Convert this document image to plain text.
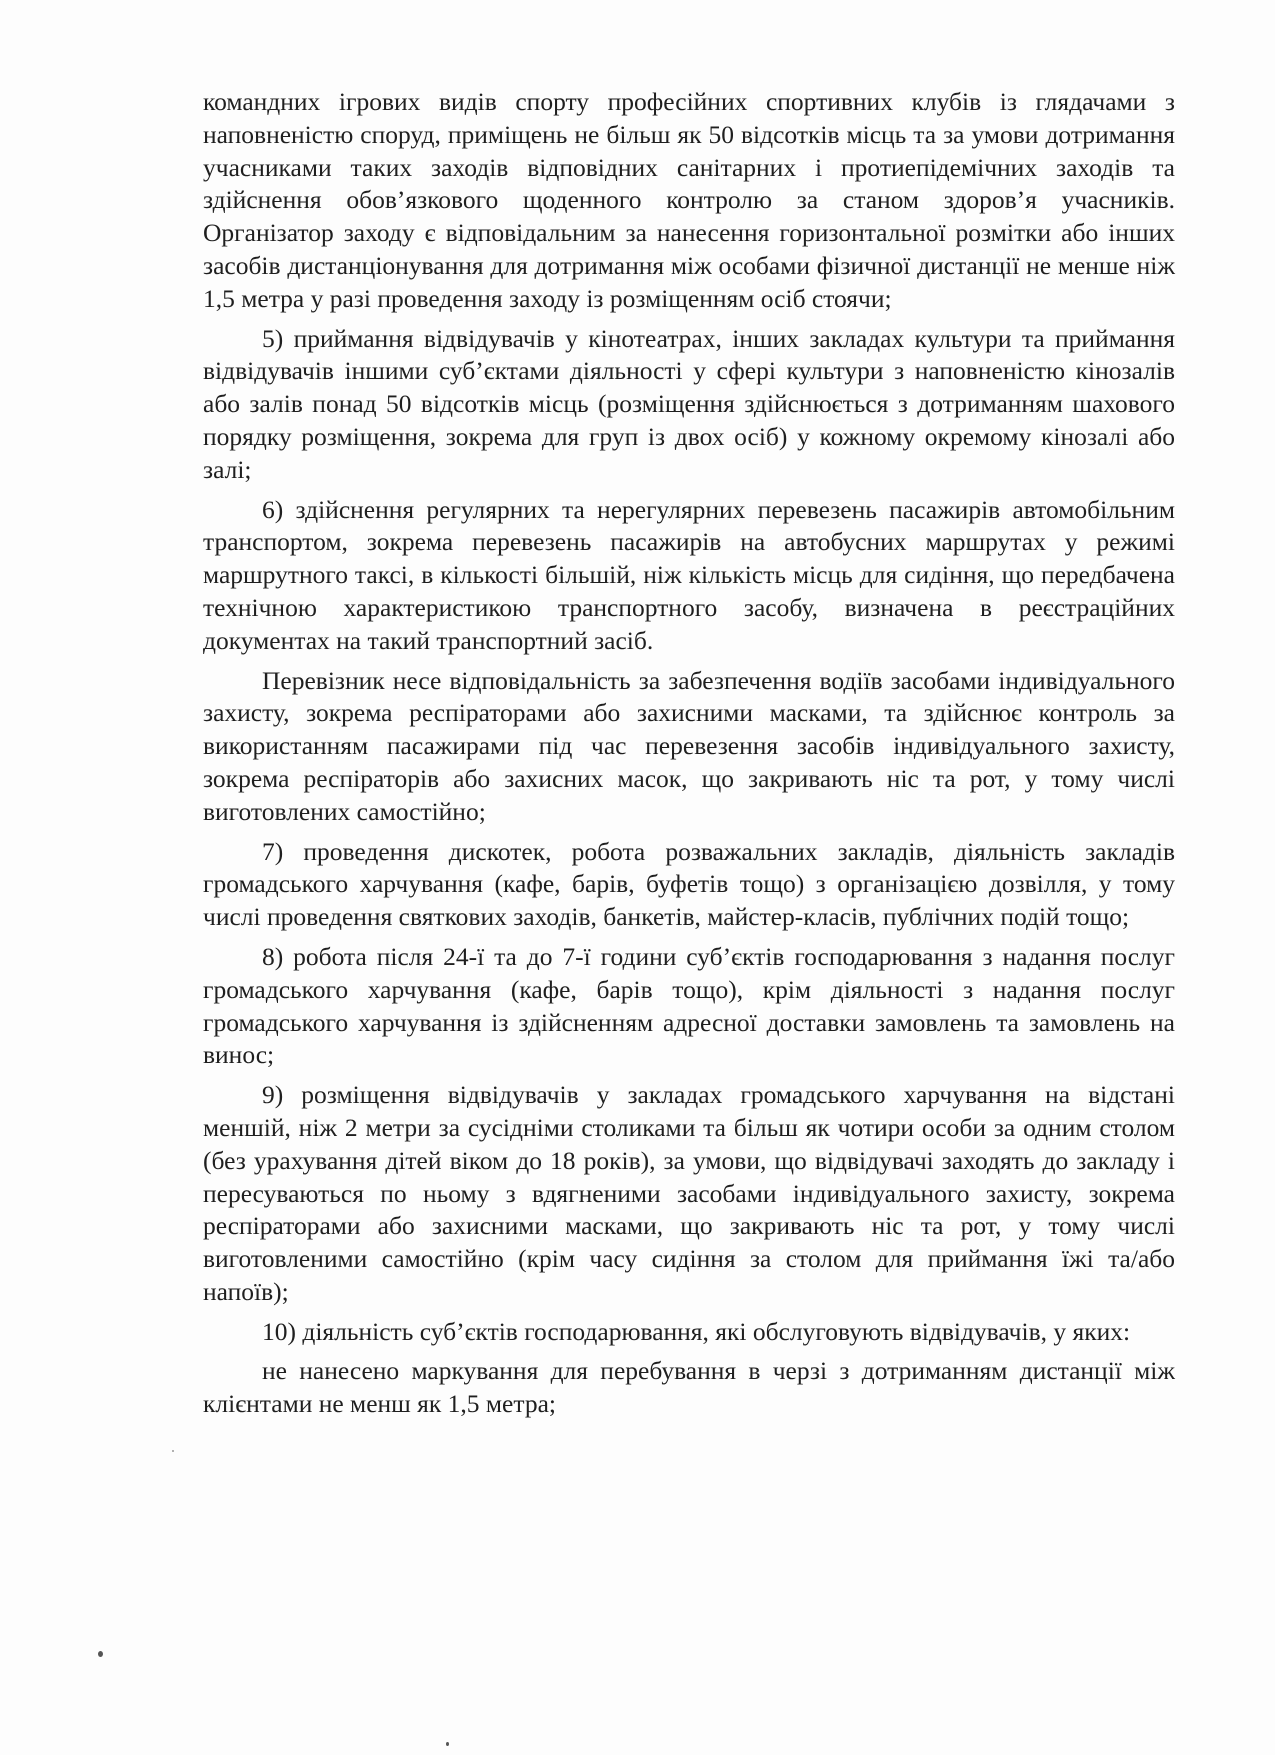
командних ігрових видів спорту професійних спортивних клубів із глядачами з наповненістю споруд, приміщень не більш як 50 відсотків місць та за умови дотримання учасниками таких заходів відповідних санітарних і протиепідемічних заходів та здійснення обов’язкового щоденного контролю за станом здоров’я учасників. Організатор заходу є відповідальним за нанесення горизонтальної розмітки або інших засобів дистанціонування для дотримання між особами фізичної дистанції не менше ніж 1,5 метра у разі проведення заходу із розміщенням осіб стоячи;

5) приймання відвідувачів у кінотеатрах, інших закладах культури та приймання відвідувачів іншими суб’єктами діяльності у сфері культури з наповненістю кінозалів або залів понад 50 відсотків місць (розміщення здійснюється з дотриманням шахового порядку розміщення, зокрема для груп із двох осіб) у кожному окремому кінозалі або залі;

6) здійснення регулярних та нерегулярних перевезень пасажирів автомобільним транспортом, зокрема перевезень пасажирів на автобусних маршрутах у режимі маршрутного таксі, в кількості більшій, ніж кількість місць для сидіння, що передбачена технічною характеристикою транспортного засобу, визначена в реєстраційних документах на такий транспортний засіб.

Перевізник несе відповідальність за забезпечення водіїв засобами індивідуального захисту, зокрема респіраторами або захисними масками, та здійснює контроль за використанням пасажирами під час перевезення засобів індивідуального захисту, зокрема респіраторів або захисних масок, що закривають ніс та рот, у тому числі виготовлених самостійно;

7) проведення дискотек, робота розважальних закладів, діяльність закладів громадського харчування (кафе, барів, буфетів тощо) з організацією дозвілля, у тому числі проведення святкових заходів, банкетів, майстер-класів, публічних подій тощо;

8) робота після 24-ї та до 7-ї години суб’єктів господарювання з надання послуг громадського харчування (кафе, барів тощо), крім діяльності з надання послуг громадського харчування із здійсненням адресної доставки замовлень та замовлень на винос;

9) розміщення відвідувачів у закладах громадського харчування на відстані меншій, ніж 2 метри за сусідніми столиками та більш як чотири особи за одним столом (без урахування дітей віком до 18 років), за умови, що відвідувачі заходять до закладу і пересуваються по ньому з вдягненими засобами індивідуального захисту, зокрема респіраторами або захисними масками, що закривають ніс та рот, у тому числі виготовленими самостійно (крім часу сидіння за столом для приймання їжі та/або напоїв);

10) діяльність суб’єктів господарювання, які обслуговують відвідувачів, у яких:

не нанесено маркування для перебування в черзі з дотриманням дистанції між клієнтами не менш як 1,5 метра;
